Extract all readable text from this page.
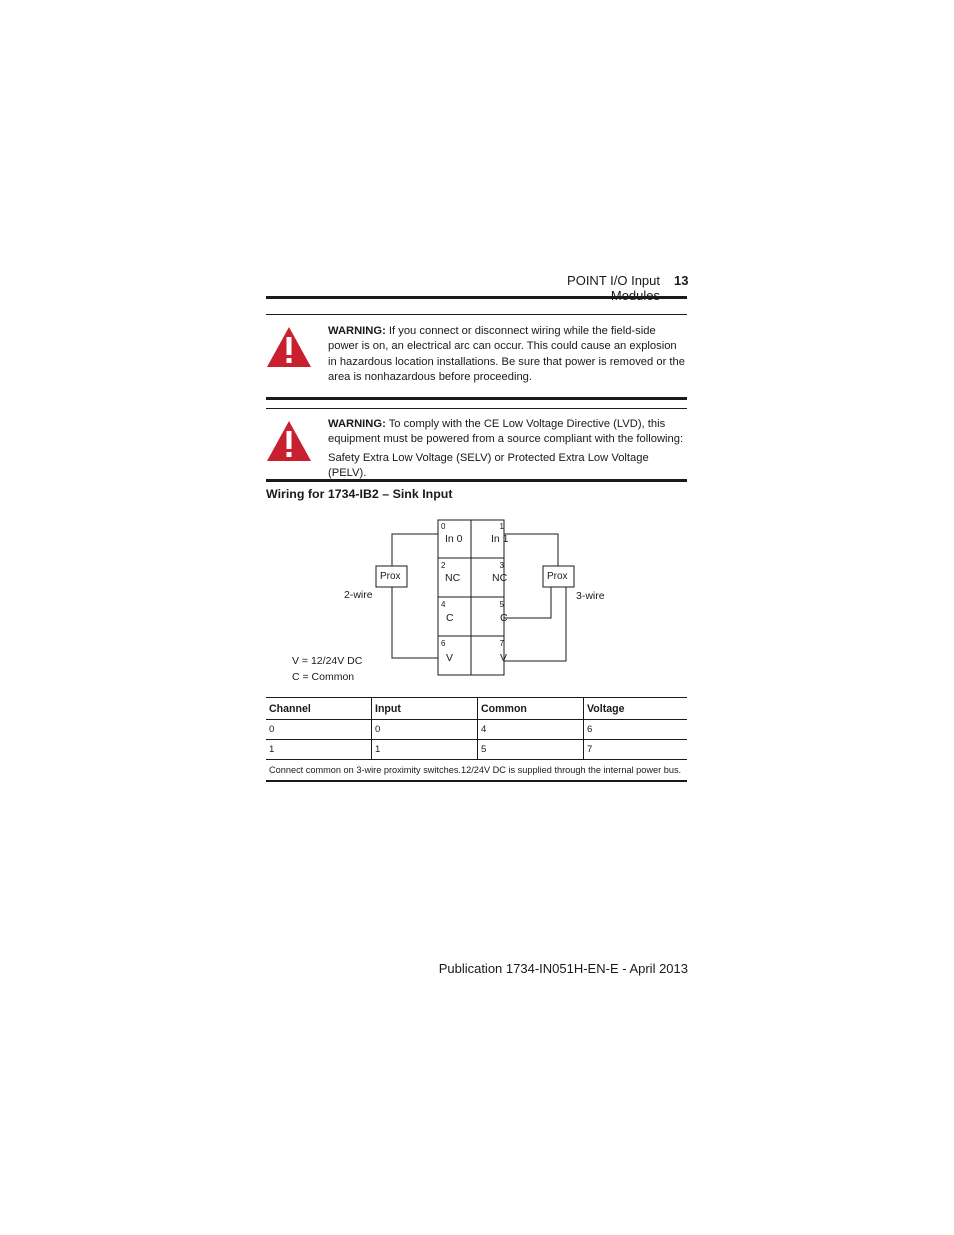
POINT I/O Input 13
WARNING: If you connect or disconnect wiring while the field-side power is on, an electrical arc can occur. This could cause an explosion in hazardous location installations. Be sure that power is removed or the area is nonhazardous before proceeding.
WARNING: To comply with the CE Low Voltage Directive (LVD), this equipment must be powered from a source compliant with the following:
Safety Extra Low Voltage (SELV) or Protected Extra Low Voltage (PELV).
Wiring for 1734-IB2 – Sink Input
0
In 0
1
In 1
2
NC
3
NC
4
C
5
C
6
V
7
V
Prox	Prox
2-wire	3-wire
V = 12/24V DC
C = Common
Channel	Input	Common	Voltage
0	0	4	6
1	1	5	7
Connect common on 3-wire proximity switches.12/24V DC is supplied through the internal power bus.			
Publication 1734-IN051H-EN-E - April 2013
